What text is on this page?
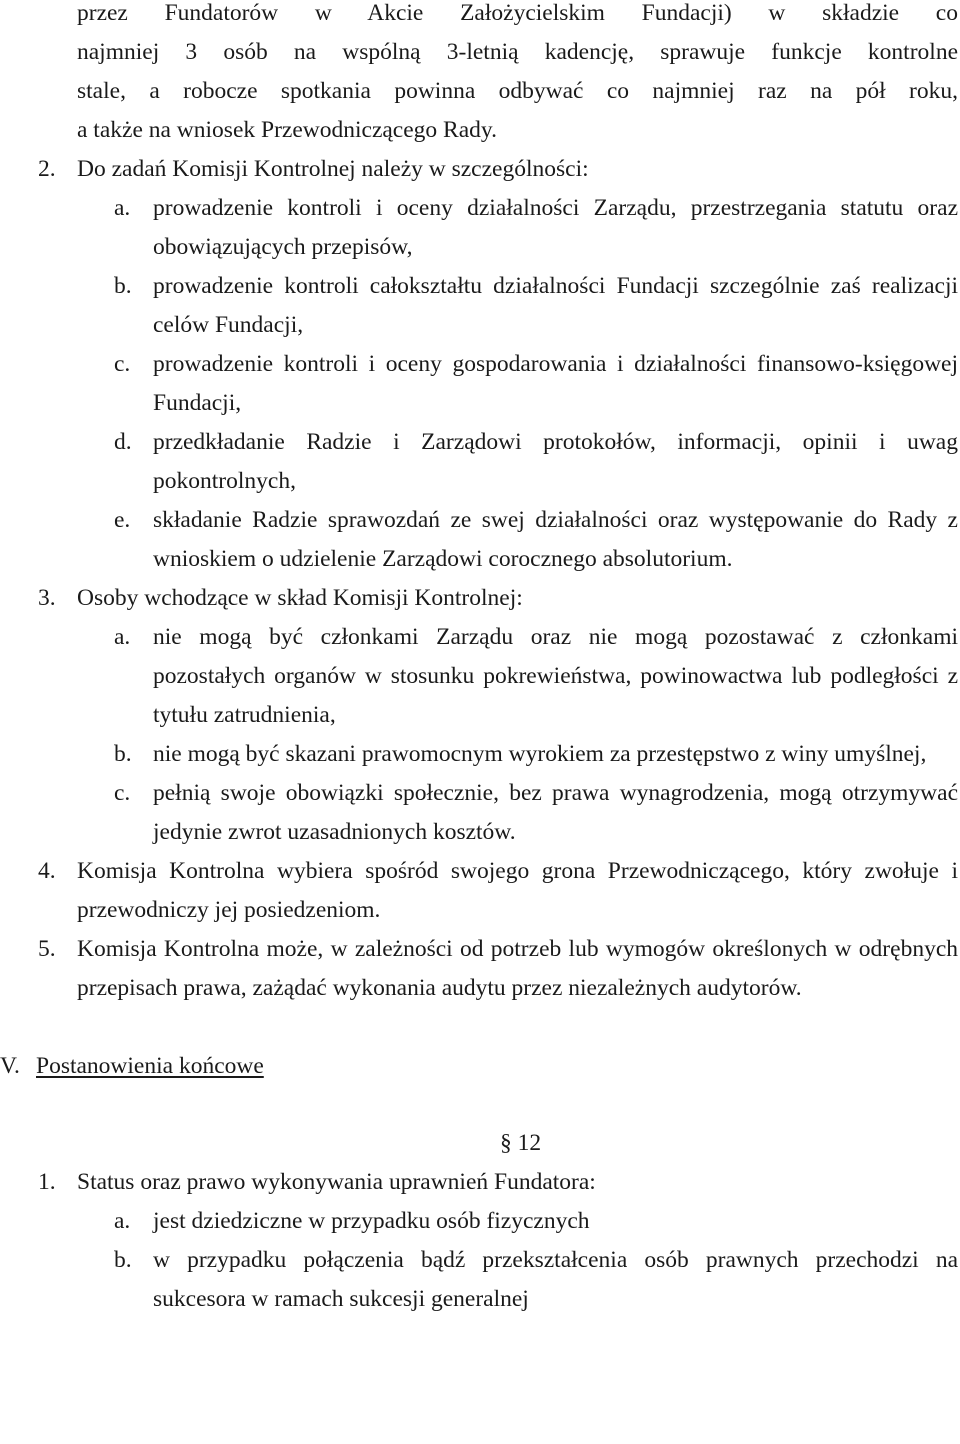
przez Fundatorów w Akcie Założycielskim Fundacji) w składzie co
najmniej 3 osób na wspólną 3-letnią kadencję, sprawuje funkcje kontrolne
stale, a robocze spotkania powinna odbywać co najmniej raz na pół roku,
a także na wniosek Przewodniczącego Rady.
2. Do zadań Komisji Kontrolnej należy w szczególności:
a. prowadzenie kontroli i oceny działalności Zarządu, przestrzegania statutu oraz obowiązujących przepisów,
b. prowadzenie kontroli całokształtu działalności Fundacji szczególnie zaś realizacji celów Fundacji,
c. prowadzenie kontroli i oceny gospodarowania i działalności finansowo-księgowej Fundacji,
d. przedkładanie Radzie i Zarządowi protokołów, informacji, opinii i uwag pokontrolnych,
e. składanie Radzie sprawozdań ze swej działalności oraz występowanie do Rady z wnioskiem o udzielenie Zarządowi corocznego absolutorium.
3. Osoby wchodzące w skład Komisji Kontrolnej:
a. nie mogą być członkami Zarządu oraz nie mogą pozostawać z członkami pozostałych organów w stosunku pokrewieństwa, powinowactwa lub podległości z tytułu zatrudnienia,
b. nie mogą być skazani prawomocnym wyrokiem za przestępstwo z winy umyślnej,
c. pełnią swoje obowiązki społecznie, bez prawa wynagrodzenia, mogą otrzymywać jedynie zwrot uzasadnionych kosztów.
4. Komisja Kontrolna wybiera spośród swojego grona Przewodniczącego, który zwołuje i przewodniczy jej posiedzeniom.
5. Komisja Kontrolna może, w zależności od potrzeb lub wymogów określonych w odrębnych przepisach prawa, zażądać wykonania audytu przez niezależnych audytorów.
V. Postanowienia końcowe
§ 12
1. Status oraz prawo wykonywania uprawnień Fundatora:
a. jest dziedziczne w przypadku osób fizycznych
b. w przypadku połączenia bądź przekształcenia osób prawnych przechodzi na sukcesora w ramach sukcesji generalnej
